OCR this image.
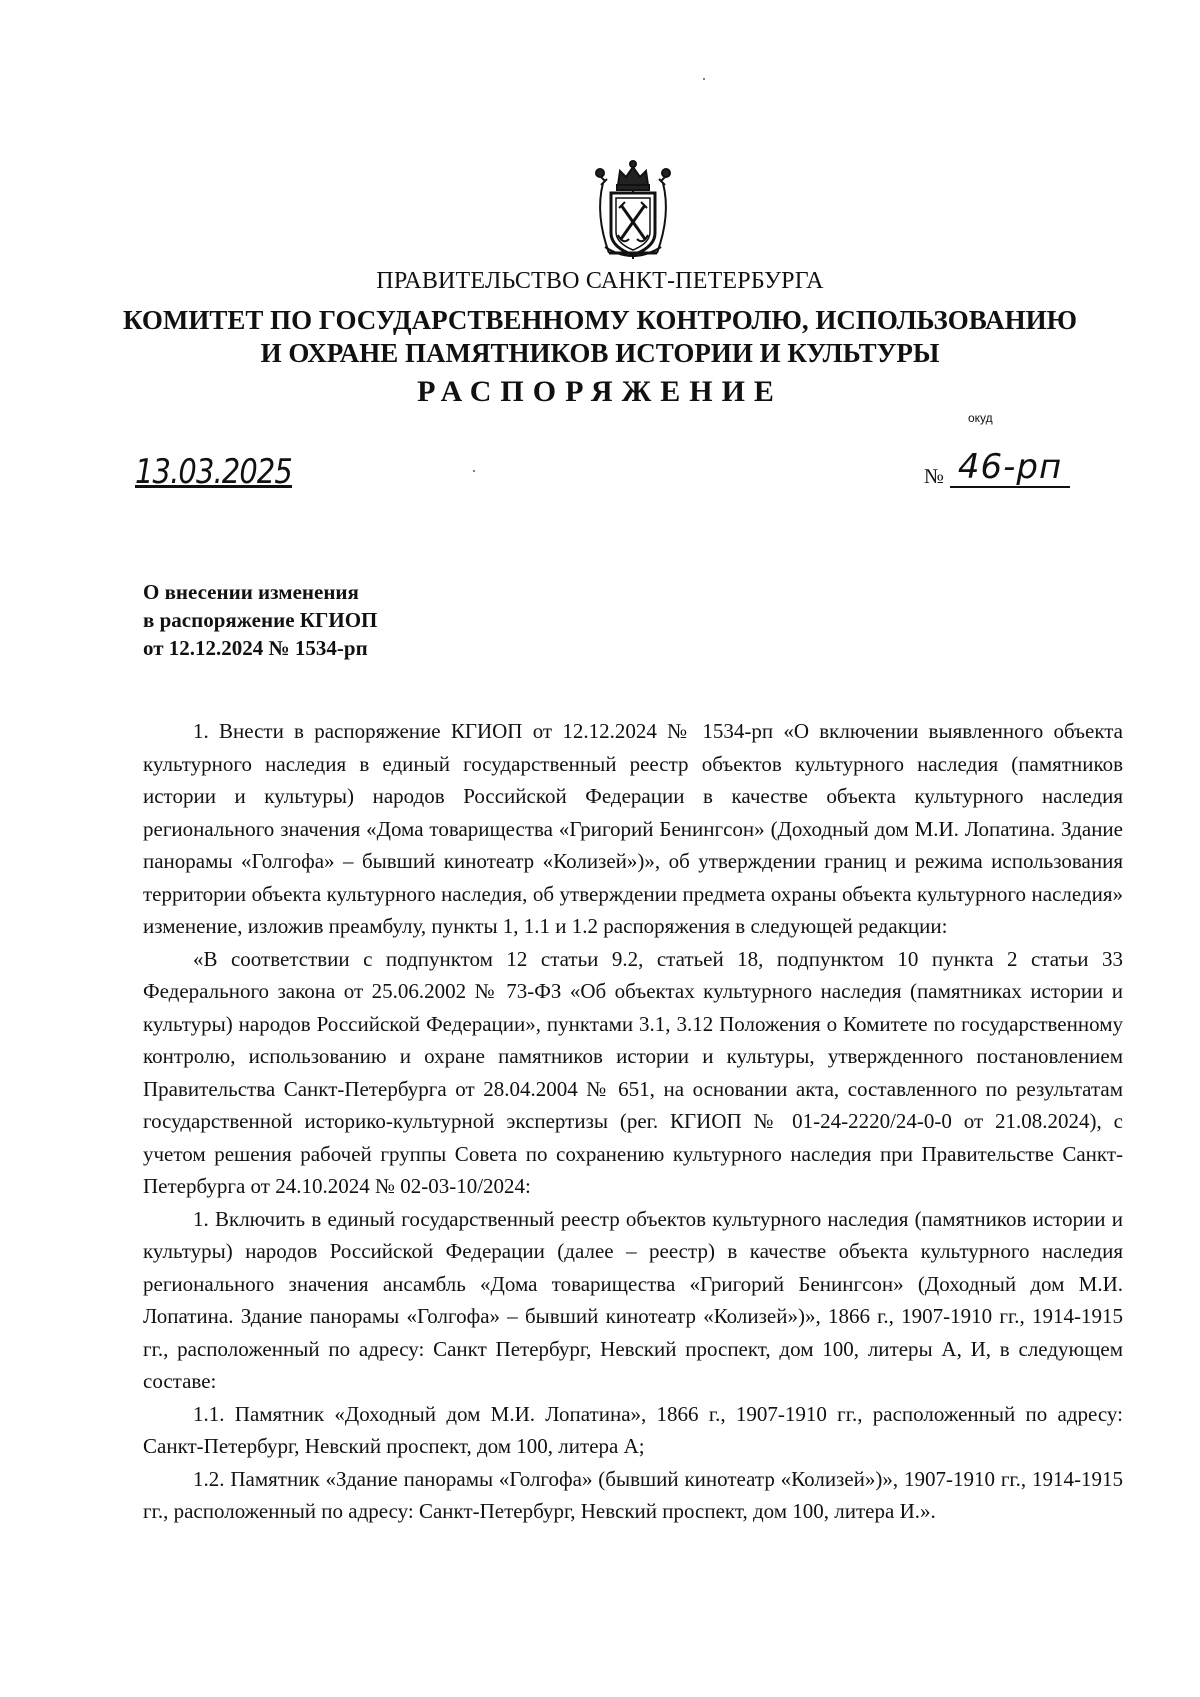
ПРАВИТЕЛЬСТВО САНКТ-ПЕТЕРБУРГА
КОМИТЕТ ПО ГОСУДАРСТВЕННОМУ КОНТРОЛЮ, ИСПОЛЬЗОВАНИЮ
И ОХРАНЕ ПАМЯТНИКОВ ИСТОРИИ И КУЛЬТУРЫ
РАСПОРЯЖЕНИЕ
окуд
13.03.2025	№ 46-рп
О внесении изменения
в распоряжение КГИОП
от 12.12.2024 № 1534-рп

1. Внести в распоряжение КГИОП от 12.12.2024 № 1534-рп «О включении выявленного объекта культурного наследия в единый государственный реестр объектов культурного наследия (памятников истории и культуры) народов Российской Федерации в качестве объекта культурного наследия регионального значения «Дома товарищества «Григорий Бенингсон» (Доходный дом М.И. Лопатина. Здание панорамы «Голгофа» – бывший кинотеатр «Колизей»)», об утверждении границ и режима использования территории объекта культурного наследия, об утверждении предмета охраны объекта культурного наследия» изменение, изложив преамбулу, пункты 1, 1.1 и 1.2 распоряжения в следующей редакции:

«В соответствии с подпунктом 12 статьи 9.2, статьей 18, подпунктом 10 пункта 2 статьи 33 Федерального закона от 25.06.2002 № 73-ФЗ «Об объектах культурного наследия (памятниках истории и культуры) народов Российской Федерации», пунктами 3.1, 3.12 Положения о Комитете по государственному контролю, использованию и охране памятников истории и культуры, утвержденного постановлением Правительства Санкт-Петербурга от 28.04.2004 № 651, на основании акта, составленного по результатам государственной историко-культурной экспертизы (рег. КГИОП № 01-24-2220/24-0-0 от 21.08.2024), с учетом решения рабочей группы Совета по сохранению культурного наследия при Правительстве Санкт-Петербурга от 24.10.2024 № 02-03-10/2024:

1. Включить в единый государственный реестр объектов культурного наследия (памятников истории и культуры) народов Российской Федерации (далее – реестр) в качестве объекта культурного наследия регионального значения ансамбль «Дома товарищества «Григорий Бенингсон» (Доходный дом М.И. Лопатина. Здание панорамы «Голгофа» – бывший кинотеатр «Колизей»)», 1866 г., 1907-1910 гг., 1914-1915 гг., расположенный по адресу: Санкт Петербург, Невский проспект, дом 100, литеры А, И, в следующем составе:

1.1. Памятник «Доходный дом М.И. Лопатина», 1866 г., 1907-1910 гг., расположенный по адресу: Санкт-Петербург, Невский проспект, дом 100, литера А;

1.2. Памятник «Здание панорамы «Голгофа» (бывший кинотеатр «Колизей»)», 1907-1910 гг., 1914-1915 гг., расположенный по адресу: Санкт-Петербург, Невский проспект, дом 100, литера И.».
